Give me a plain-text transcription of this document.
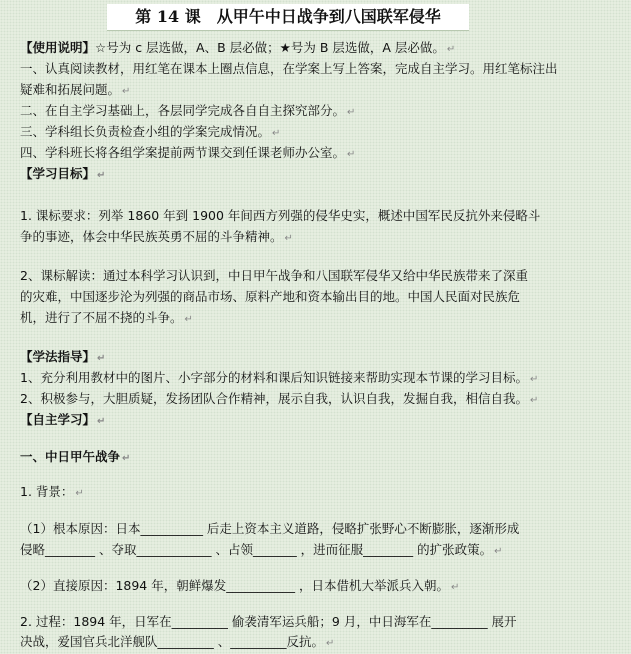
第 14 课　从甲午中日战争到八国联军侵华
【使用说明】☆号为 c 层选做，A、B 层必做；★号为 B 层选做，A 层必做。 ↵
一、认真阅读教材，用红笔在课本上圈点信息，在学案上写上答案，完成自主学习。用红笔标注出
疑难和拓展问题。 ↵
二、在自主学习基础上，各层同学完成各自自主探究部分。 ↵
三、学科组长负责检查小组的学案完成情况。 ↵
四、学科班长将各组学案提前两节课交到任课老师办公室。 ↵
【学习目标】 ↵
1. 课标要求：列举 1860 年到 1900 年间西方列强的侵华史实，概述中国军民反抗外来侵略斗
争的事迹，体会中华民族英勇不屈的斗争精神。 ↵
2、课标解读：通过本科学习认识到，中日甲午战争和八国联军侵华又给中华民族带来了深重
的灾难，中国逐步沦为列强的商品市场、原料产地和资本输出目的地。中国人民面对民族危
机，进行了不屈不挠的斗争。 ↵
【学法指导】 ↵
1、充分利用教材中的图片、小字部分的材料和课后知识链接来帮助实现本节课的学习目标。 ↵
2、积极参与，大胆质疑，发扬团队合作精神，展示自我，认识自我，发掘自我，相信自我。 ↵
【自主学习】 ↵
一、中日甲午战争 ↵
1. 背景： ↵
（1）根本原因：日本__________ 后走上资本主义道路，侵略扩张野心不断膨胀，逐渐形成
侵略________ 、夺取____________ 、占领_______ ，进而征服________ 的扩张政策。 ↵
（2）直接原因：1894 年，朝鲜爆发___________ ，日本借机大举派兵入朝。 ↵
2. 过程：1894 年，日军在_________ 偷袭清军运兵船；9 月，中日海军在_________ 展开
决战，爱国官兵北洋舰队_________ 、_________反抗。 ↵
